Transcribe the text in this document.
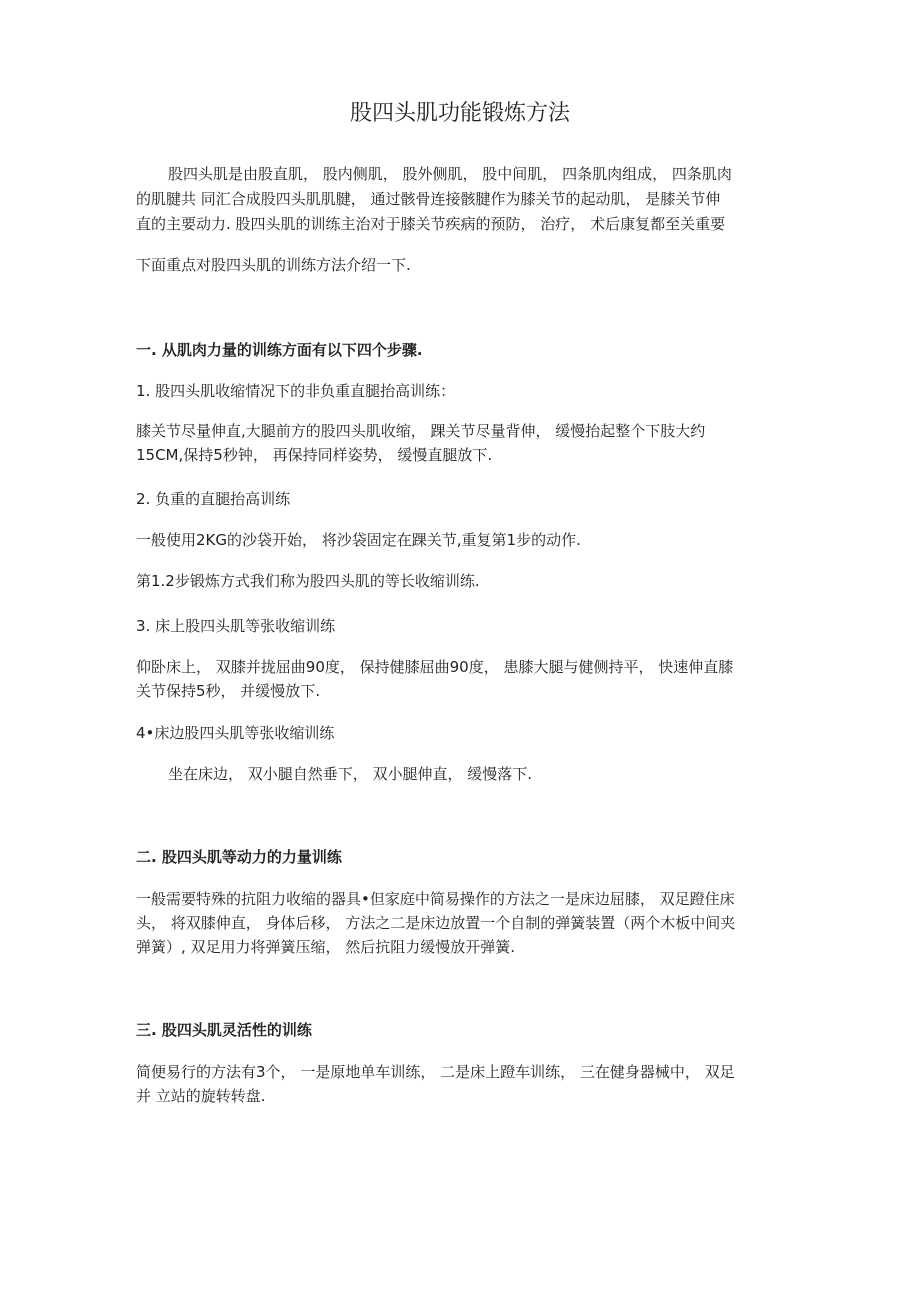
股四头肌功能锻炼方法
股四头肌是由股直肌， 股内侧肌， 股外侧肌， 股中间肌， 四条肌肉组成， 四条肌肉
的肌腱共 同汇合成股四头肌肌腱， 通过骸骨连接骸腱作为膝关节的起动肌， 是膝关节伸
直的主要动力. 股四头肌的训练主治对于膝关节疾病的预防， 治疗， 术后康复都至关重要
下面重点对股四头肌的训练方法介绍一下.
一. 从肌肉力量的训练方面有以下四个步骤.
1. 股四头肌收缩情况下的非负重直腿抬高训练：
膝关节尽量伸直,大腿前方的股四头肌收缩， 踝关节尽量背伸， 缓慢抬起整个下肢大约
15CM,保持5秒钟， 再保持同样姿势， 缓慢直腿放下.
2. 负重的直腿抬高训练
一般使用2KG的沙袋开始， 将沙袋固定在踝关节,重复第1步的动作.
第1.2步锻炼方式我们称为股四头肌的等长收缩训练.
3. 床上股四头肌等张收缩训练
仰卧床上， 双膝并拢屈曲90度， 保持健膝屈曲90度， 患膝大腿与健侧持平， 快速伸直膝
关节保持5秒， 并缓慢放下.
4•床边股四头肌等张收缩训练
坐在床边， 双小腿自然垂下， 双小腿伸直， 缓慢落下.
二. 股四头肌等动力的力量训练
一般需要特殊的抗阻力收缩的器具•但家庭中简易操作的方法之一是床边屈膝， 双足蹬住床
头， 将双膝伸直， 身体后移， 方法之二是床边放置一个自制的弹簧装置（两个木板中间夹
弹簧）, 双足用力将弹簧压缩， 然后抗阻力缓慢放开弹簧.
三. 股四头肌灵活性的训练
简便易行的方法有3个， 一是原地单车训练， 二是床上蹬车训练， 三在健身器械中， 双足
并 立站的旋转转盘.
